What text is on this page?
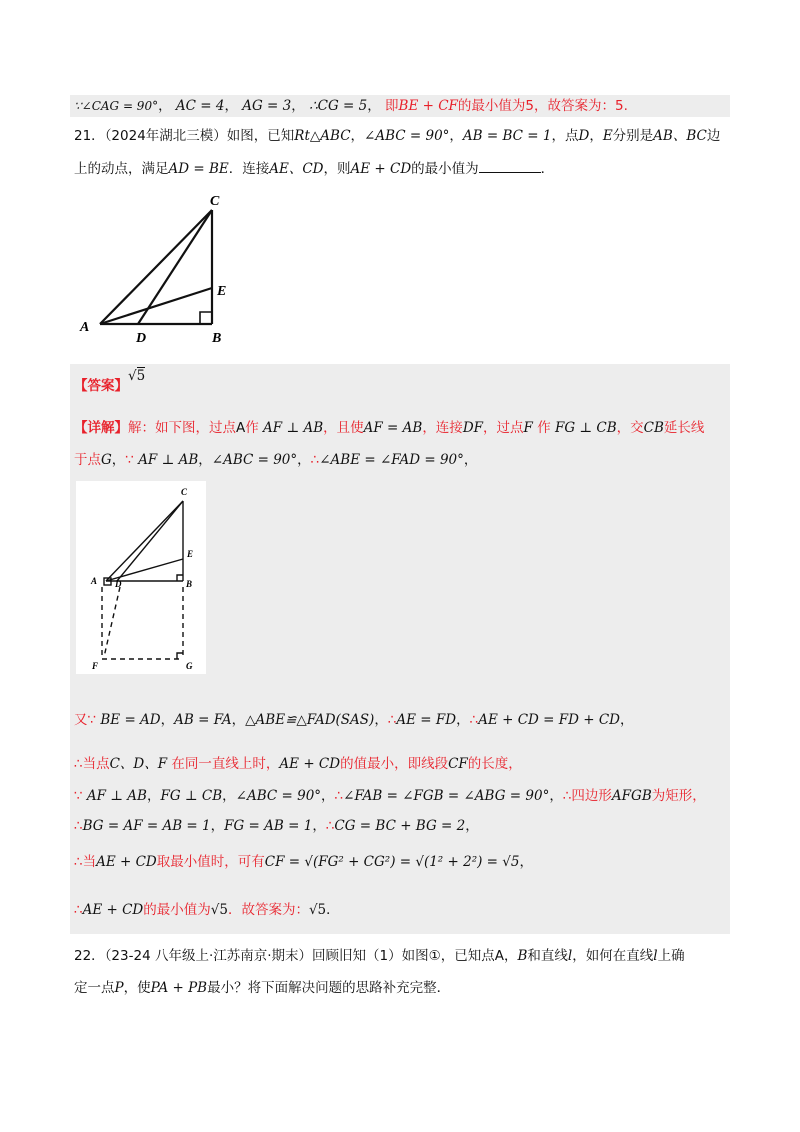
∵∠CAG = 90°， AC = 4， AG = 3， ∴CG = 5， 即BE + CF的最小值为5，故答案为：5.
21．（2024年湖北三模）如图，已知Rt△ABC，∠ABC = 90°，AB = BC = 1，点D，E分别是AB、BC边
上的动点，满足AD = BE．连接AE、CD，则AE + CD的最小值为	．
C
E
A
D	B
【答案】
√5
【详解】解：如下图，过点A作 AF ⊥ AB，且使AF = AB，连接DF，过点F 作 FG ⊥ CB，交CB延长线
于点G，∵ AF ⊥ AB，∠ABC = 90°，∴∠ABE = ∠FAD = 90°，
C
E
A D	B
F	G
又∵ BE = AD，AB = FA，△ABE≌△FAD(SAS)，∴AE = FD，∴AE + CD = FD + CD，
∴当点C、D、F 在同一直线上时，AE + CD的值最小，即线段CF的长度，
∵ AF ⊥ AB，FG ⊥ CB，∠ABC = 90°，∴∠FAB = ∠FGB = ∠ABG = 90°，∴四边形AFGB为矩形，
∴BG = AF = AB = 1，FG = AB = 1，∴CG = BC + BG = 2，
∴当AE + CD取最小值时，可有CF = √(FG² + CG²) = √(1² + 2²) = √5，
∴AE + CD的最小值为√5．故答案为：√5．
22．（23-24 八年级上·江苏南京·期末）回顾旧知（1）如图①，已知点A，B和直线l，如何在直线l上确
定一点P，使PA + PB最小？将下面解决问题的思路补充完整．
